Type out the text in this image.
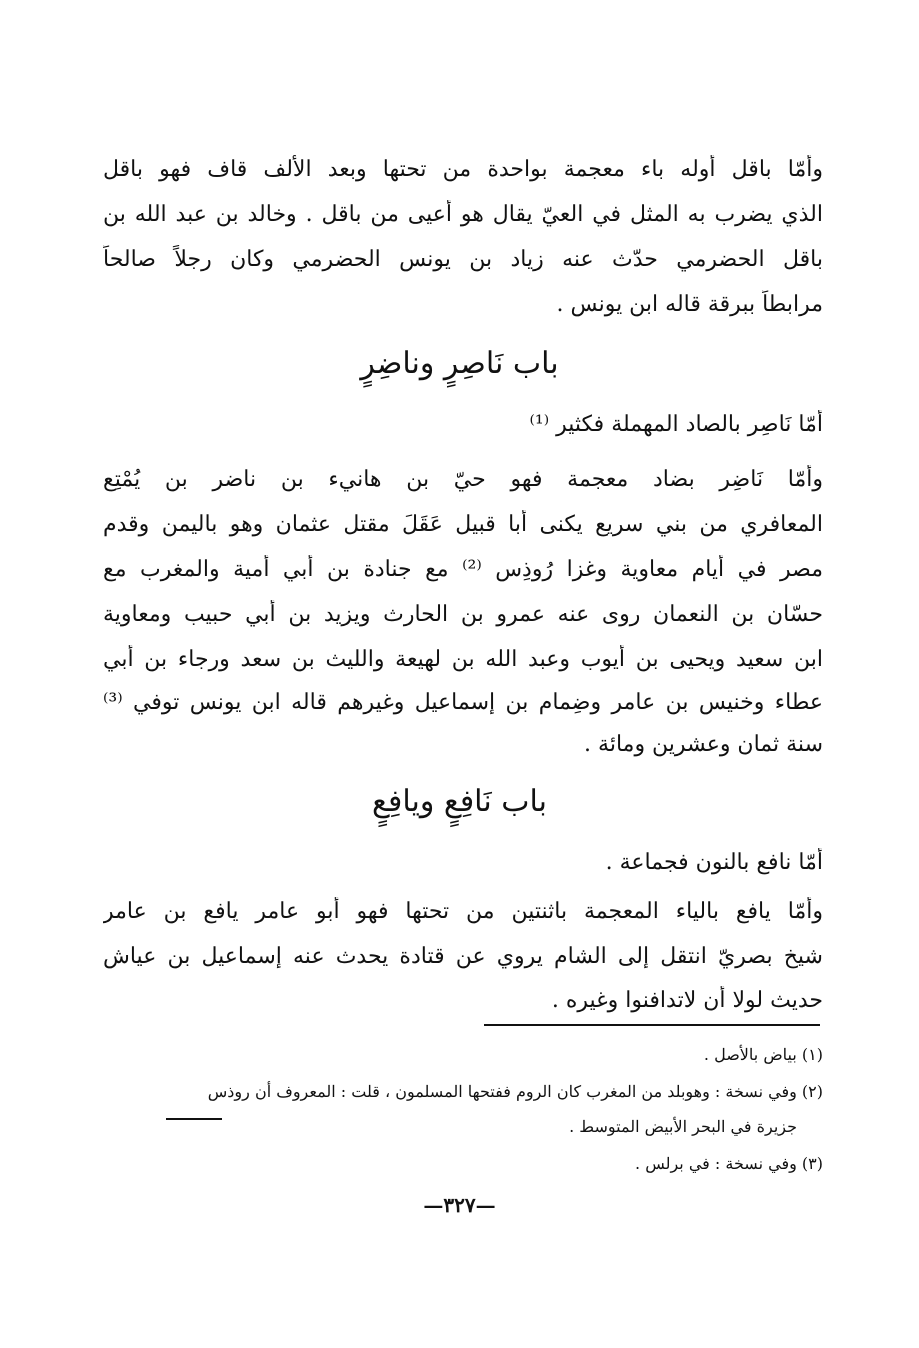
وأمّا باقل أوله باء معجمة بواحدة من تحتها وبعد الألف قاف فهو باقل
الذي يضرب به المثل في العيّ يقال هو أعيى من باقل . وخالد بن عبد الله بن
باقل الحضرمي حدّث عنه زياد بن يونس الحضرمي وكان رجلاً صالحاً
مرابطاً ببرقة قاله ابن يونس .
باب نَاصِرٍ وناضِرٍ
أمّا نَاصِر بالصاد المهملة فكثير ⁽¹⁾
وأمّا نَاضِر بضاد معجمة فهو حيّ بن هانيء بن ناضر بن يُمْتِع
المعافري من بني سريع يكنى أبا قبيل عَقَلَ مقتل عثمان وهو باليمن وقدم
مصر في أيام معاوية وغزا رُوذِس ⁽²⁾ مع جنادة بن أبي أمية والمغرب مع
حسّان بن النعمان روى عنه عمرو بن الحارث ويزيد بن أبي حبيب ومعاوية
ابن سعيد ويحيى بن أيوب وعبد الله بن لهيعة والليث بن سعد ورجاء بن أبي
عطاء وخنيس بن عامر وضِمام بن إسماعيل وغيرهم قاله ابن يونس توفي ⁽³⁾
سنة ثمان وعشرين ومائة .
باب نَافِعٍ ويافِعٍ
أمّا نافع بالنون فجماعة .
وأمّا يافع بالياء المعجمة باثنتين من تحتها فهو أبو عامر يافع بن عامر
شيخ بصريّ انتقل إلى الشام يروي عن قتادة يحدث عنه إسماعيل بن عياش
حديث لولا أن لاتدافنوا وغيره .
(١) بياض بالأصل .
(٢) وفي نسخة : وهوبلد من المغرب كان الروم ففتحها المسلمون ، قلت : المعروف أن روذس
جزيرة في البحر الأبيض المتوسط .
(٣) وفي نسخة : في برلس .
—٣٢٧—
